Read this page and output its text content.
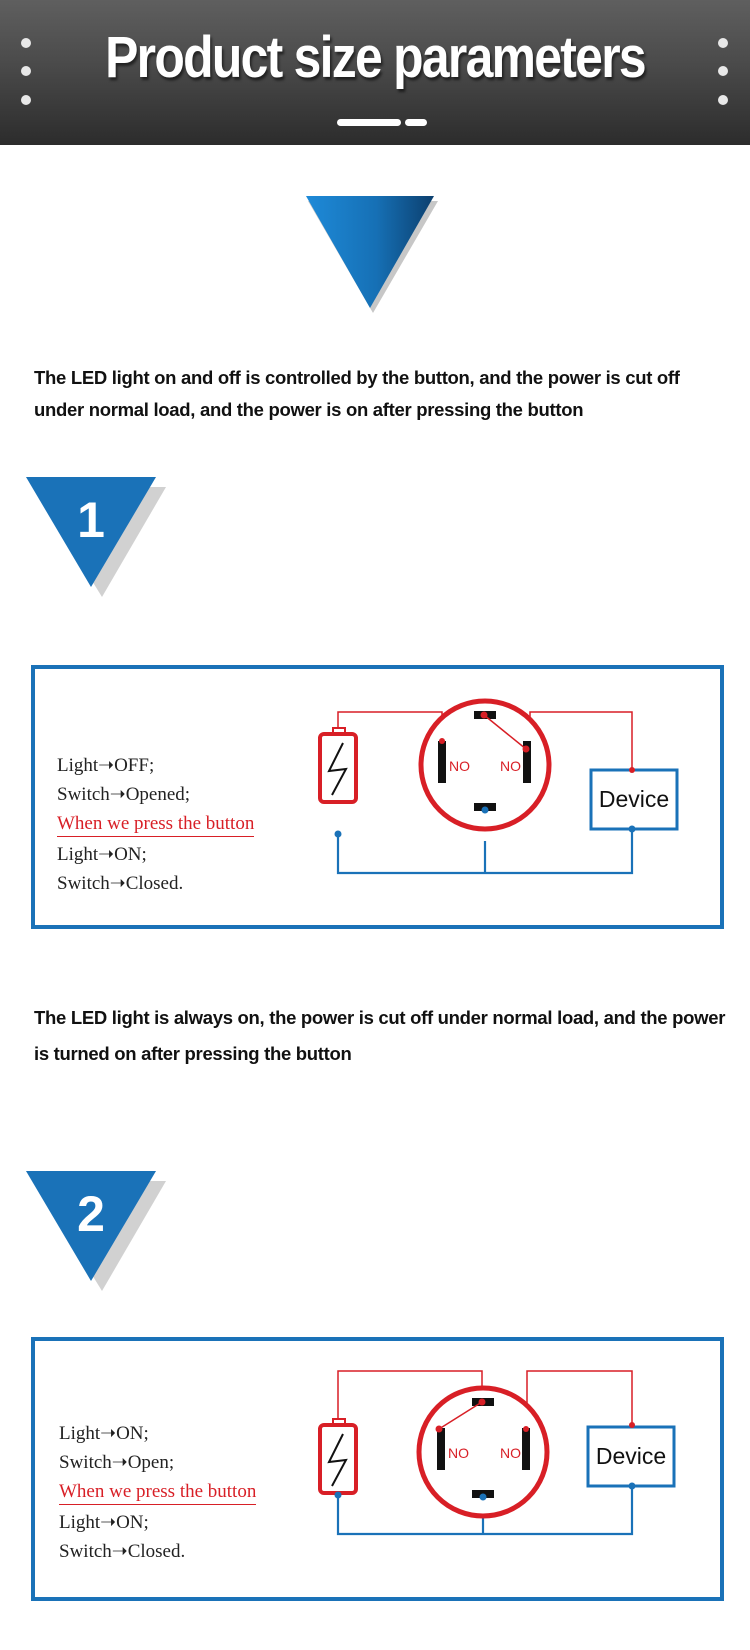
Product size parameters
The LED light on and off is controlled by the button, and the power is cut off under normal load, and the power is on after pressing the button
1
Light➝OFF;
Switch➝Opened;
When we press the button
Light➝ON;
Switch➝Closed.
NO NO
Device
The LED light is always on, the power is cut off under normal load, and the power is turned on after pressing the button
2
Light➝ON;
Switch➝Open;
When we press the button
Light➝ON;
Switch➝Closed.
NO NO	Device
